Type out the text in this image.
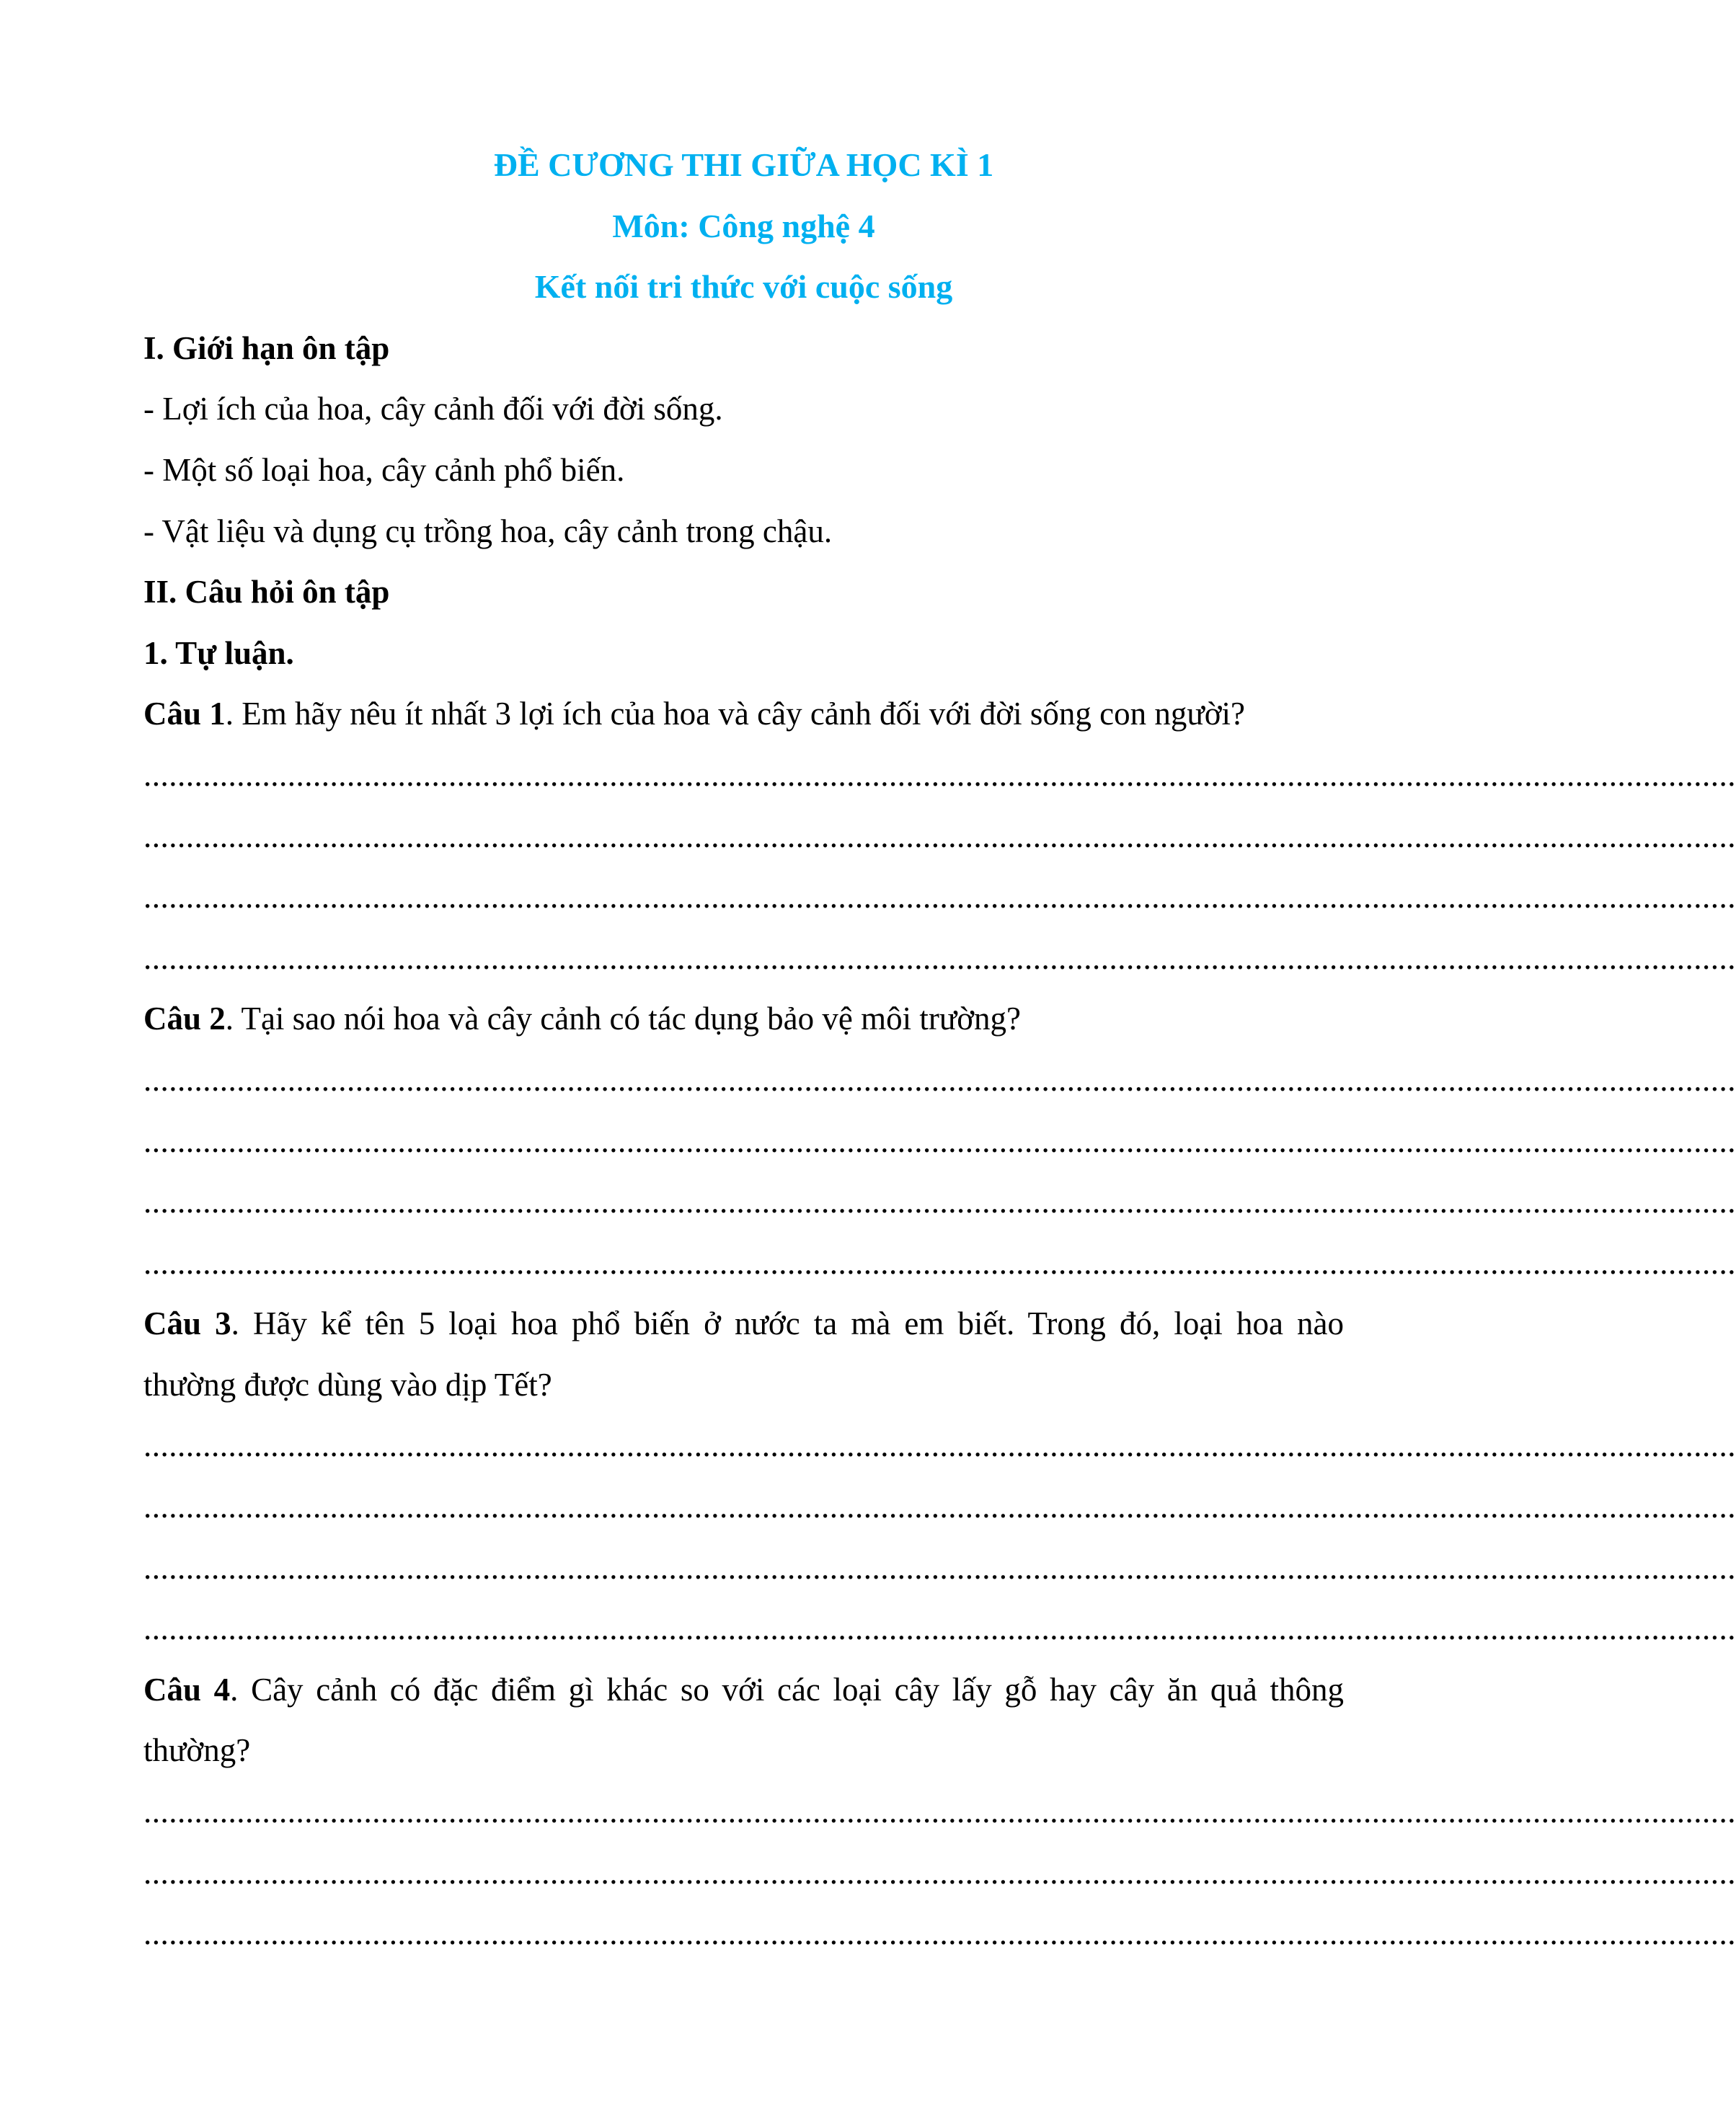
ĐỀ CƯƠNG THI GIỮA HỌC KÌ 1
Môn: Công nghệ 4
Kết nối tri thức với cuộc sống
I. Giới hạn ôn tập
- Lợi ích của hoa, cây cảnh đối với đời sống.
- Một số loại hoa, cây cảnh phổ biến.
- Vật liệu và dụng cụ trồng hoa, cây cảnh trong chậu.
II. Câu hỏi ôn tập
1. Tự luận.
Câu 1. Em hãy nêu ít nhất 3 lợi ích của hoa và cây cảnh đối với đời sống con người?
............................................................................................................................................................................................
............................................................................................................................................................................................
............................................................................................................................................................................................
............................................................................................................................................................................................
Câu 2. Tại sao nói hoa và cây cảnh có tác dụng bảo vệ môi trường?
............................................................................................................................................................................................
............................................................................................................................................................................................
............................................................................................................................................................................................
............................................................................................................................................................................................
Câu 3. Hãy kể tên 5 loại hoa phổ biến ở nước ta mà em biết. Trong đó, loại hoa nào
thường được dùng vào dịp Tết?
............................................................................................................................................................................................
............................................................................................................................................................................................
............................................................................................................................................................................................
............................................................................................................................................................................................
Câu 4. Cây cảnh có đặc điểm gì khác so với các loại cây lấy gỗ hay cây ăn quả thông
thường?
............................................................................................................................................................................................
............................................................................................................................................................................................
............................................................................................................................................................................................
